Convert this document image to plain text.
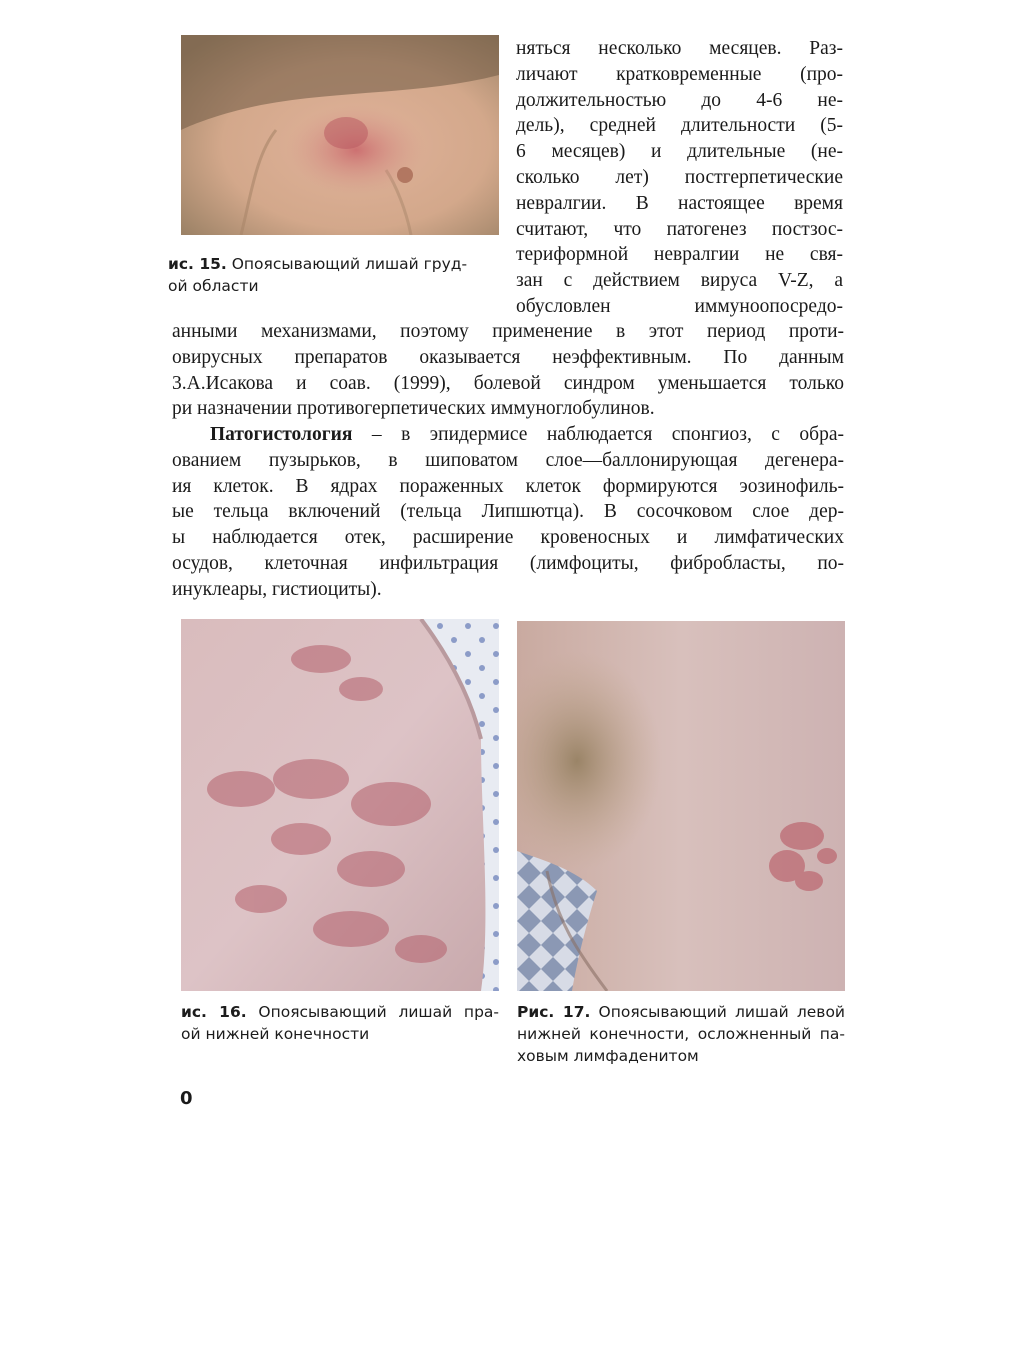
ис. 15. Опоясывающий лишай груд-
ой области
няться несколько месяцев. Раз-
личают кратковременные (про-
должительностью до 4-6 не-
дель), средней длительности (5-
6 месяцев) и длительные (не-
сколько лет) постгерпетические
невралгии. В настоящее время
считают, что патогенез постзос-
териформной невралгии не свя-
зан с действием вируса V-Z, а
обусловлен иммуноопосредо-
анными механизмами, поэтому применение в этот период проти-
овирусных препаратов оказывается неэффективным. По данным
3.А.Исакова и соав. (1999), болевой синдром уменьшается только
ри назначении противогерпетических иммуноглобулинов.
Патогистология – в эпидермисе наблюдается спонгиоз, с обра-
ованием пузырьков, в шиповатом слое—баллонирующая дегенера-
ия клеток. В ядрах пораженных клеток формируются эозинофиль-
ые тельца включений (тельца Липшютца). В сосочковом слое дер-
ы наблюдается отек, расширение кровеносных и лимфатических
осудов, клеточная инфильтрация (лимфоциты, фибробласты, по-
инуклеары, гистиоциты).
ис. 16. Опоясывающий лишай пра-
ой нижней конечности
Рис. 17. Опоясывающий лишай левой
нижней конечности, осложненный па-
ховым лимфаденитом
0
